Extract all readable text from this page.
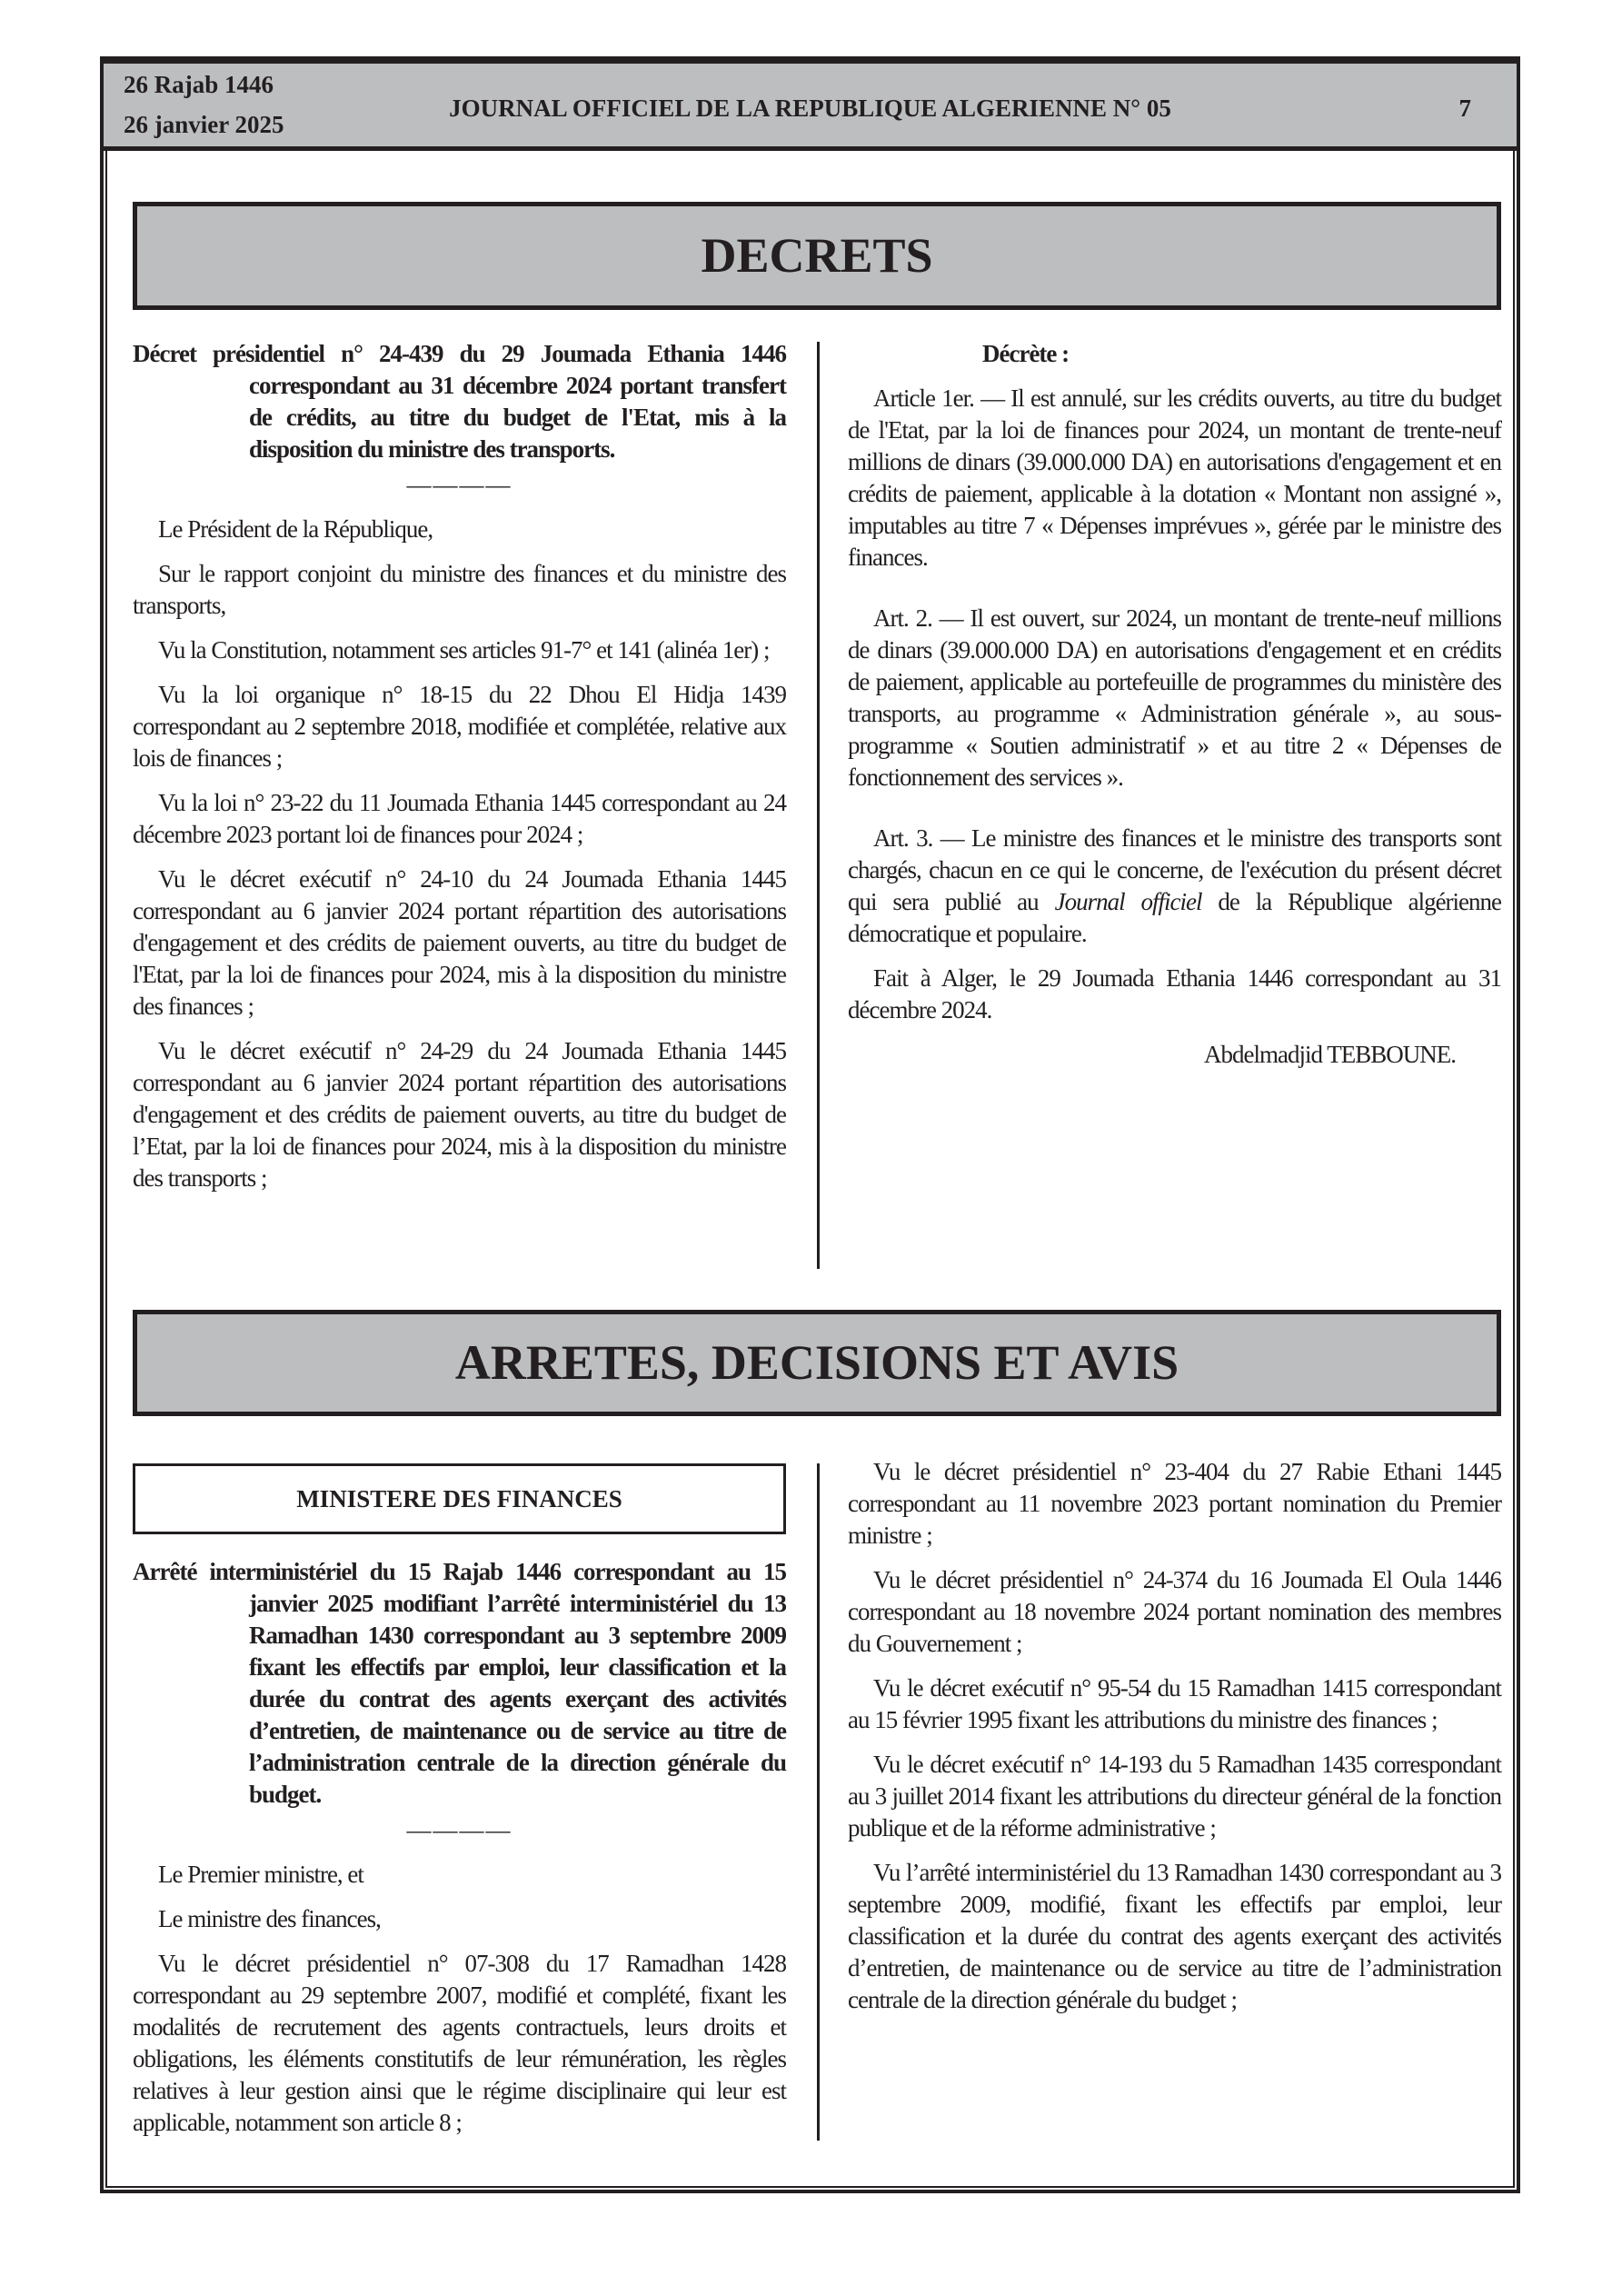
26 Rajab 1446
26 janvier 2025
JOURNAL OFFICIEL DE LA REPUBLIQUE ALGERIENNE N° 05	7
DECRETS

Décret présidentiel n° 24-439 du 29 Joumada Ethania 1446 correspondant au 31 décembre 2024 portant transfert de crédits, au titre du budget de l'Etat, mis à la disposition du ministre des transports.

————

Le Président de la République,

Sur le rapport conjoint du ministre des finances et du ministre des transports,

Vu la Constitution, notamment ses articles 91-7° et 141 (alinéa 1er) ;

Vu la loi organique n° 18-15 du 22 Dhou El Hidja 1439 correspondant au 2 septembre 2018, modifiée et complétée, relative aux lois de finances ;

Vu la loi n° 23-22 du 11 Joumada Ethania 1445 correspondant au 24 décembre 2023 portant loi de finances pour 2024 ;

Vu le décret exécutif n° 24-10 du 24 Joumada Ethania 1445 correspondant au 6 janvier 2024 portant répartition des autorisations d'engagement et des crédits de paiement ouverts, au titre du budget de l'Etat, par la loi de finances pour 2024, mis à la disposition du ministre des finances ;

Vu le décret exécutif n° 24-29 du 24 Joumada Ethania 1445 correspondant au 6 janvier 2024 portant répartition des autorisations d'engagement et des crédits de paiement ouverts, au titre du budget de l’Etat, par la loi de finances pour 2024, mis à la disposition du ministre des transports ;

Décrète :

Article 1er. — Il est annulé, sur les crédits ouverts, au titre du budget de l'Etat, par la loi de finances pour 2024, un montant de trente-neuf millions de dinars (39.000.000 DA) en autorisations d'engagement et en crédits de paiement, applicable à la dotation « Montant non assigné », imputables au titre 7 « Dépenses imprévues », gérée par le ministre des finances.

Art. 2. — Il est ouvert, sur 2024, un montant de trente-neuf millions de dinars (39.000.000 DA) en autorisations d'engagement et en crédits de paiement, applicable au portefeuille de programmes du ministère des transports, au programme « Administration générale », au sous-programme « Soutien administratif » et au titre 2 « Dépenses de fonctionnement des services ».

Art. 3. — Le ministre des finances et le ministre des transports sont chargés, chacun en ce qui le concerne, de l'exécution du présent décret qui sera publié au Journal officiel de la République algérienne démocratique et populaire.

Fait à Alger, le 29 Joumada Ethania 1446 correspondant au 31 décembre 2024.

Abdelmadjid TEBBOUNE.

ARRETES, DECISIONS ET AVIS
MINISTERE DES FINANCES

Arrêté interministériel du 15 Rajab 1446 correspondant au 15 janvier 2025 modifiant l’arrêté interministériel du 13 Ramadhan 1430 correspondant au 3 septembre 2009 fixant les effectifs par emploi, leur classification et la durée du contrat des agents exerçant des activités d’entretien, de maintenance ou de service au titre de l’administration centrale de la direction générale du budget.

————

Le Premier ministre, et

Le ministre des finances,

Vu le décret présidentiel n° 07-308 du 17 Ramadhan 1428 correspondant au 29 septembre 2007, modifié et complété, fixant les modalités de recrutement des agents contractuels, leurs droits et obligations, les éléments constitutifs de leur rémunération, les règles relatives à leur gestion ainsi que le régime disciplinaire qui leur est applicable, notamment son article 8 ;

Vu le décret présidentiel n° 23-404 du 27 Rabie Ethani 1445 correspondant au 11 novembre 2023 portant nomination du Premier ministre ;

Vu le décret présidentiel n° 24-374 du 16 Joumada El Oula 1446 correspondant au 18 novembre 2024 portant nomination des membres du Gouvernement ;

Vu le décret exécutif n° 95-54 du 15 Ramadhan 1415 correspondant au 15 février 1995 fixant les attributions du ministre des finances ;

Vu le décret exécutif n° 14-193 du 5 Ramadhan 1435 correspondant au 3 juillet 2014 fixant les attributions du directeur général de la fonction publique et de la réforme administrative ;

Vu l’arrêté interministériel du 13 Ramadhan 1430 correspondant au 3 septembre 2009, modifié, fixant les effectifs par emploi, leur classification et la durée du contrat des agents exerçant des activités d’entretien, de maintenance ou de service au titre de l’administration centrale de la direction générale du budget ;
